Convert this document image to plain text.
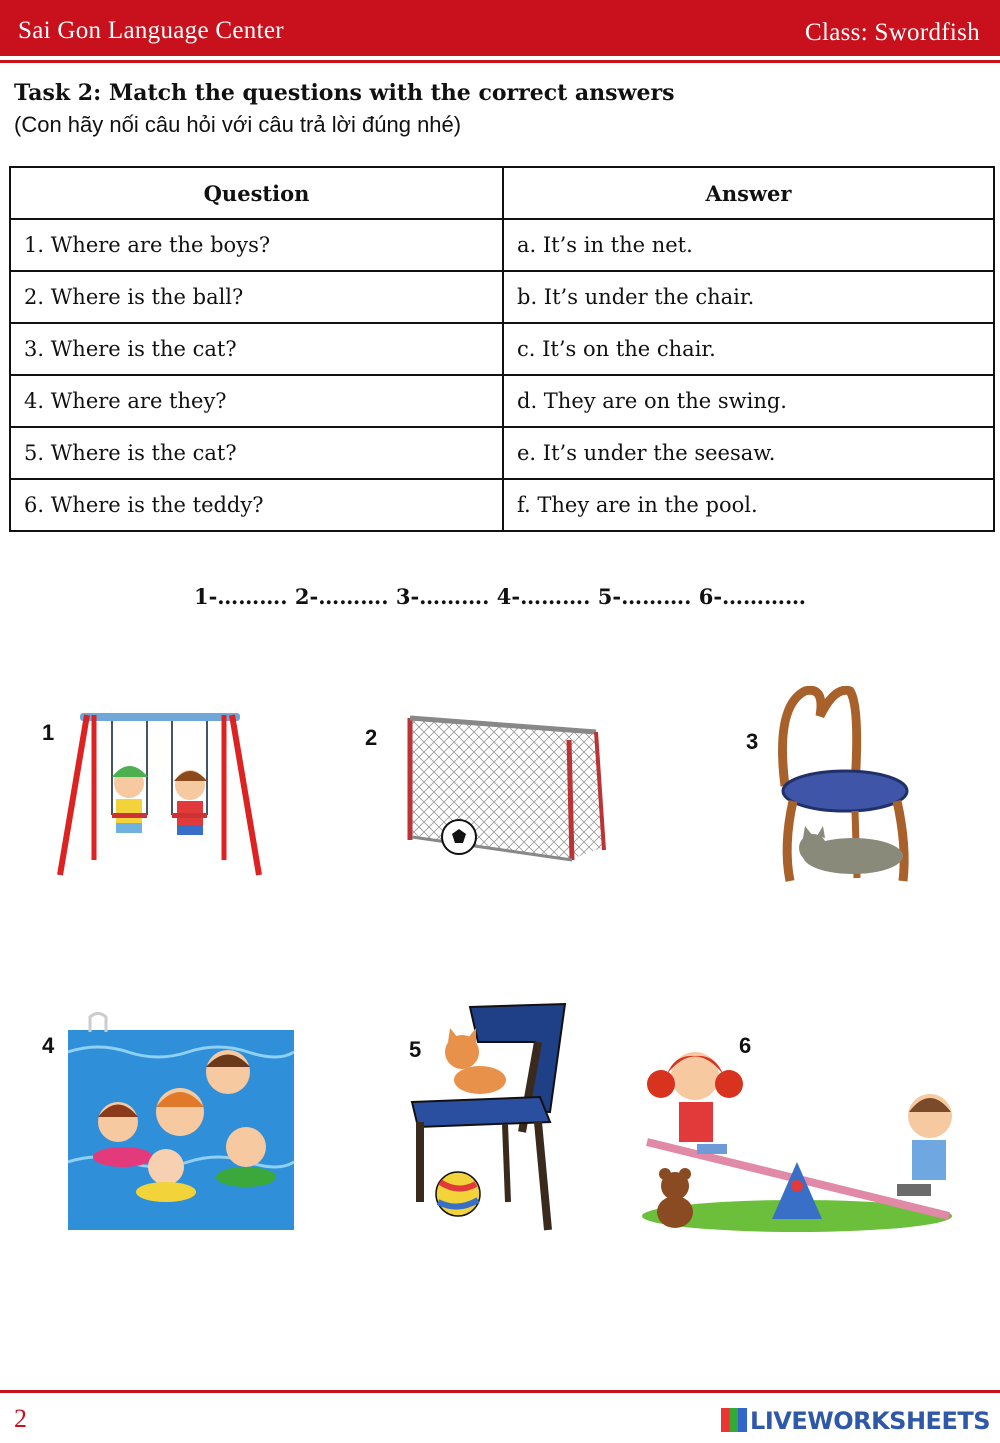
Sai Gon Language Center	Class: Swordfish
Task 2: Match the questions with the correct answers
(Con hãy nối câu hỏi với câu trả lời đúng nhé)
Question	Answer
1. Where are the boys?	a. It’s in the net.
2. Where is the ball?	b. It’s under the chair.
3. Where is the cat?	c. It’s on the chair.
4. Where are they?	d. They are on the swing.
5. Where is the cat?	e. It’s under the seesaw.
6. Where is the teddy?	f. They are in the pool.
1-………. 2-………. 3-………. 4-………. 5-………. 6-…………
1	2	3
4	5	6
2	LIVEWORKSHEETS
